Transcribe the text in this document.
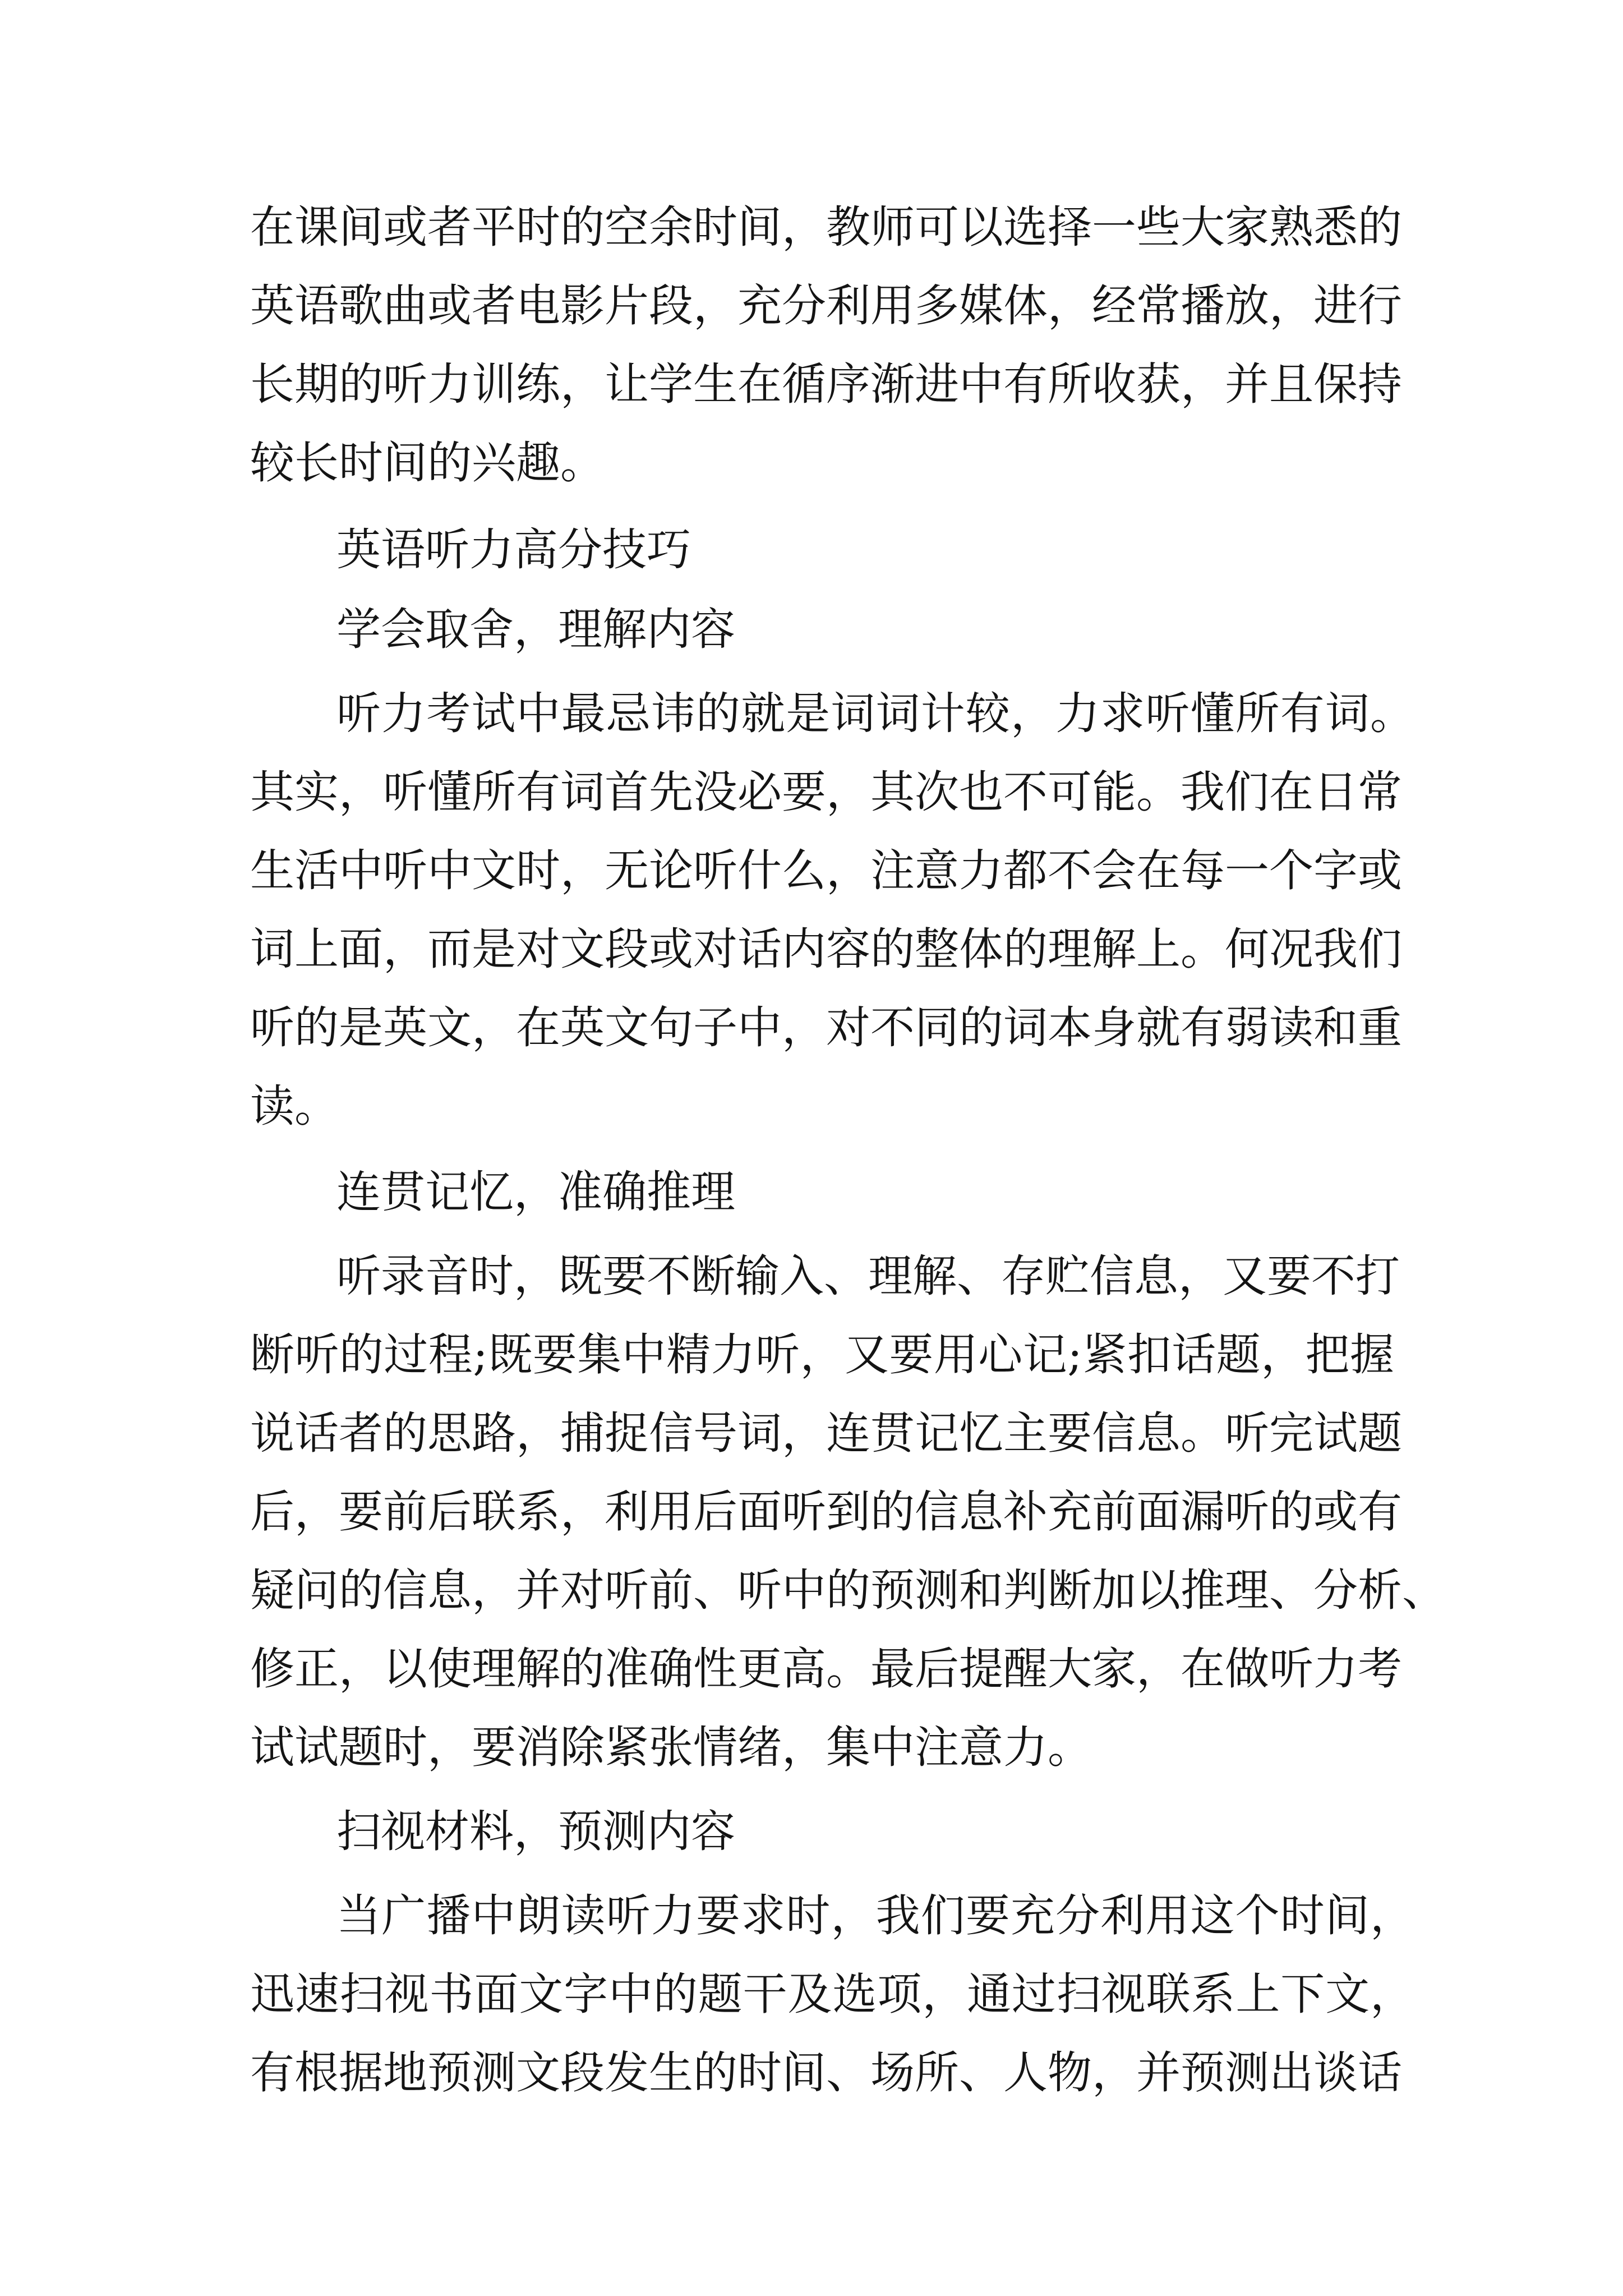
在课间或者平时的空余时间，教师可以选择一些大家熟悉的
英语歌曲或者电影片段，充分利用多媒体，经常播放，进行
长期的听力训练，让学生在循序渐进中有所收获，并且保持
较长时间的兴趣。
英语听力高分技巧
学会取舍，理解内容
听力考试中最忌讳的就是词词计较，力求听懂所有词。
其实，听懂所有词首先没必要，其次也不可能。我们在日常
生活中听中文时，无论听什么，注意力都不会在每一个字或
词上面，而是对文段或对话内容的整体的理解上。何况我们
听的是英文，在英文句子中，对不同的词本身就有弱读和重
读。
连贯记忆，准确推理
听录音时，既要不断输入、理解、存贮信息，又要不打
断听的过程;既要集中精力听，又要用心记;紧扣话题，把握
说话者的思路，捕捉信号词，连贯记忆主要信息。听完试题
后，要前后联系，利用后面听到的信息补充前面漏听的或有
疑问的信息，并对听前、听中的预测和判断加以推理、分析、
修正，以使理解的准确性更高。最后提醒大家，在做听力考
试试题时，要消除紧张情绪，集中注意力。
扫视材料，预测内容
当广播中朗读听力要求时，我们要充分利用这个时间，
迅速扫视书面文字中的题干及选项，通过扫视联系上下文，
有根据地预测文段发生的时间、场所、人物，并预测出谈话
